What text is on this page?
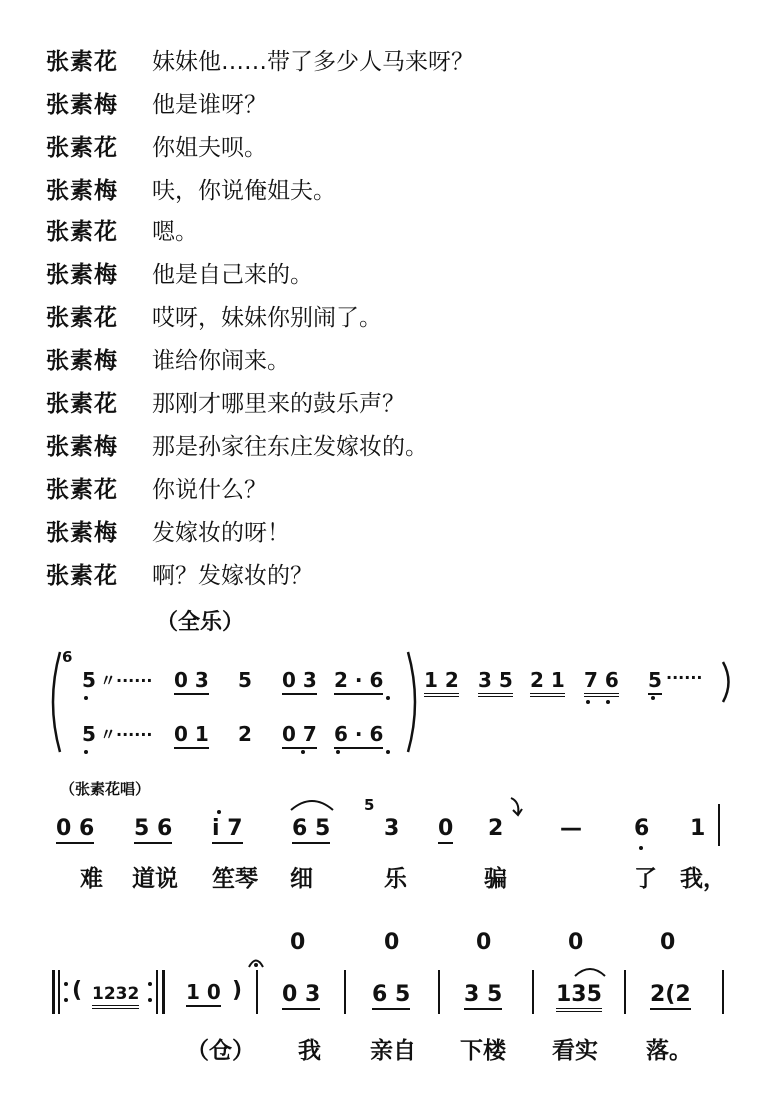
张素花 妹妹他……带了多少人马来呀？
张素梅 他是谁呀？
张素花 你姐夫呗。
张素梅 呋，你说俺姐夫。
张素花 嗯。
张素梅 他是自己来的。
张素花 哎呀，妹妹你别闹了。
张素梅 谁给你闹来。
张素花 那刚才哪里来的鼓乐声？
张素梅 那是孙家往东庄发嫁妆的。
张素花 你说什么？
张素梅 发嫁妆的呀！
张素花 啊？发嫁妆的？
（全乐）
6
5 〃······ 0 3 5 0 3 2 · 6 1 2 3 5 2 1 7 6 5 ······
5 〃······ 0 1 2 0 7 6 · 6
（张素花唱）
0 6 5 6 i 7 6 5
5
3 0 2	— 6 1
难 道说 笙琴 细	乐	骗	了 我，
0	0	0	0	0
( 1232 1 0 ) 0 3 6 5 3 5 135 2(2
（仓） 我 亲自 下楼 看实 落。
